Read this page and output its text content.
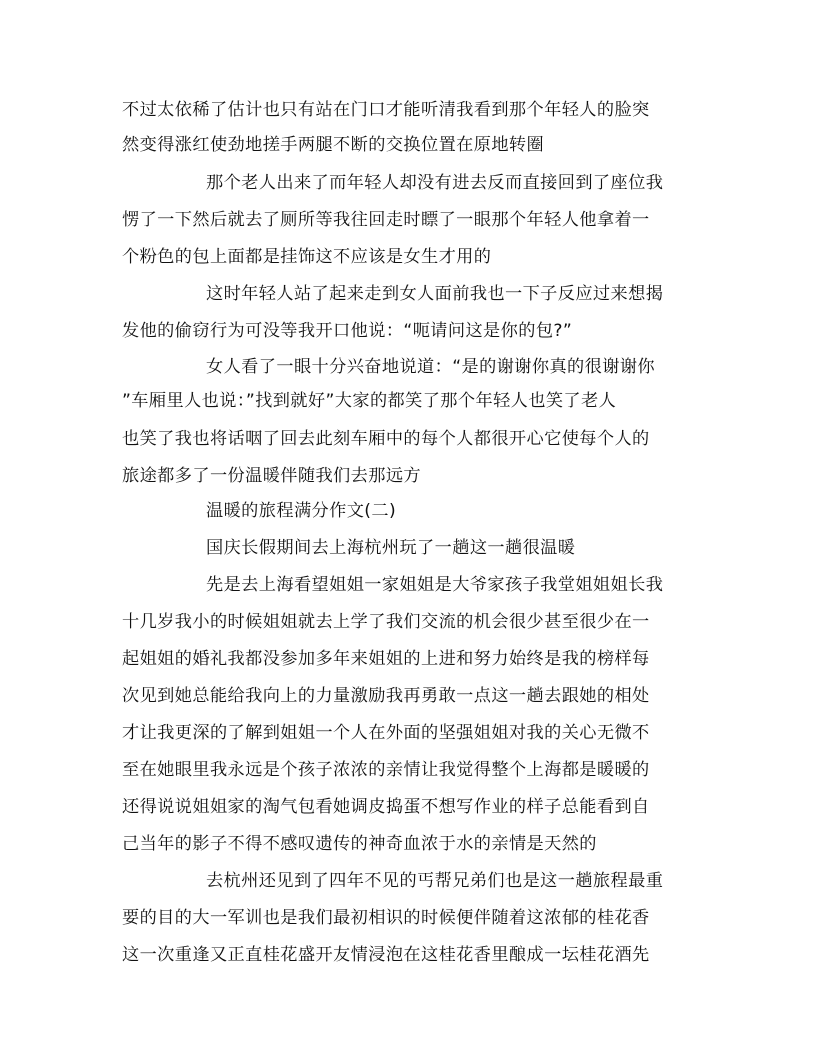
不过太依稀了估计也只有站在门口才能听清我看到那个年轻人的脸突
然变得涨红使劲地搓手两腿不断的交换位置在原地转圈
那个老人出来了而年轻人却没有进去反而直接回到了座位我
愣了一下然后就去了厕所等我往回走时瞟了一眼那个年轻人他拿着一
个粉色的包上面都是挂饰这不应该是女生才用的
这时年轻人站了起来走到女人面前我也一下子反应过来想揭
发他的偷窃行为可没等我开口他说：“呃请问这是你的包?”
女人看了一眼十分兴奋地说道：“是的谢谢你真的很谢谢你
”车厢里人也说：”找到就好”大家的都笑了那个年轻人也笑了老人
也笑了我也将话咽了回去此刻车厢中的每个人都很开心它使每个人的
旅途都多了一份温暖伴随我们去那远方
温暖的旅程满分作文(二)
国庆长假期间去上海杭州玩了一趟这一趟很温暖
先是去上海看望姐姐一家姐姐是大爷家孩子我堂姐姐姐长我
十几岁我小的时候姐姐就去上学了我们交流的机会很少甚至很少在一
起姐姐的婚礼我都没参加多年来姐姐的上进和努力始终是我的榜样每
次见到她总能给我向上的力量激励我再勇敢一点这一趟去跟她的相处
才让我更深的了解到姐姐一个人在外面的坚强姐姐对我的关心无微不
至在她眼里我永远是个孩子浓浓的亲情让我觉得整个上海都是暖暖的
还得说说姐姐家的淘气包看她调皮捣蛋不想写作业的样子总能看到自
己当年的影子不得不感叹遗传的神奇血浓于水的亲情是天然的
去杭州还见到了四年不见的丐帮兄弟们也是这一趟旅程最重
要的目的大一军训也是我们最初相识的时候便伴随着这浓郁的桂花香
这一次重逢又正直桂花盛开友情浸泡在这桂花香里酿成一坛桂花酒先
